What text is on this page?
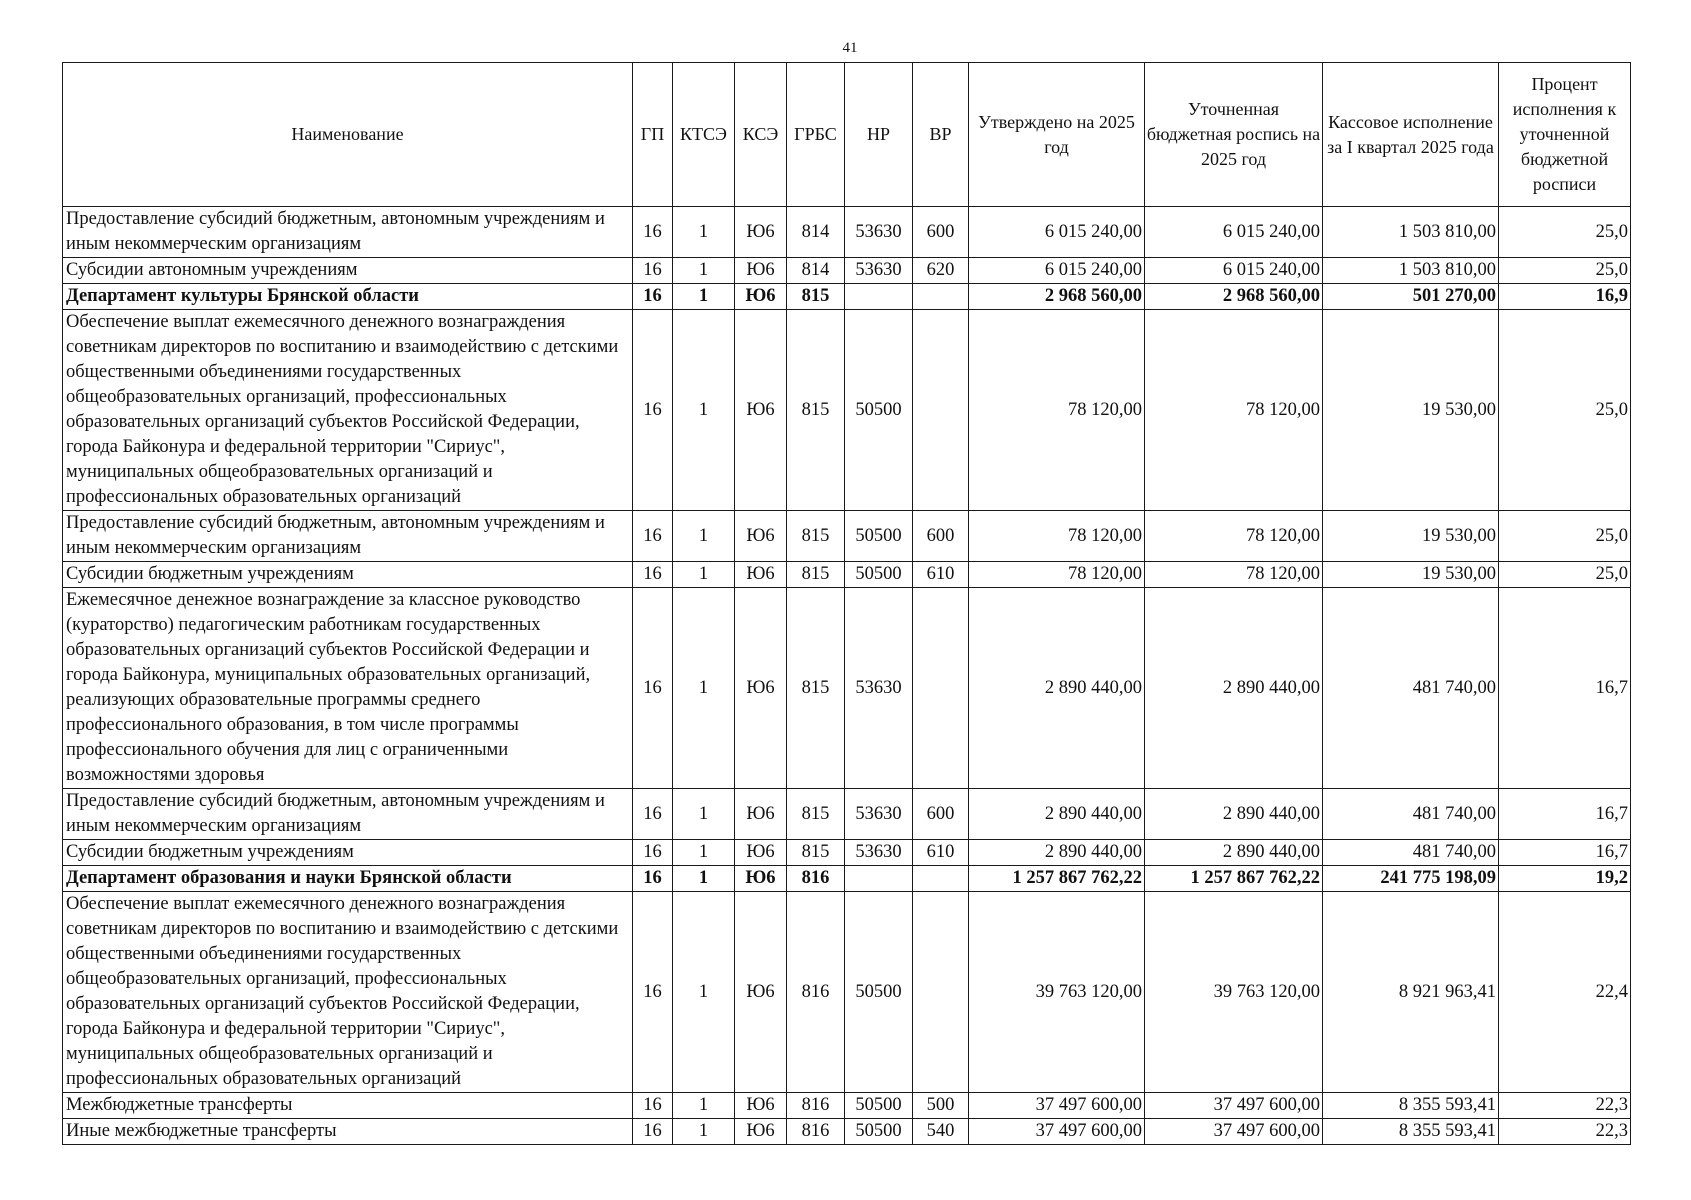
41
Наименование	ГП	КТСЭ	КСЭ	ГРБС	НР	ВР	Утверждено на 2025 год	Уточненная бюджетная роспись на 2025 год	Кассовое исполнение за I квартал 2025 года	Процент исполнения к уточненной бюджетной росписи
Предоставление субсидий бюджетным, автономным учреждениям и иным некоммерческим организациям	16	1	Ю6	814	53630	600	6 015 240,00	6 015 240,00	1 503 810,00	25,0
Субсидии автономным учреждениям	16	1	Ю6	814	53630	620	6 015 240,00	6 015 240,00	1 503 810,00	25,0
Департамент культуры Брянской области	16	1	Ю6	815			2 968 560,00	2 968 560,00	501 270,00	16,9
Обеспечение выплат ежемесячного денежного вознаграждения советникам директоров по воспитанию и взаимодействию с детскими общественными объединениями государственных общеобразовательных организаций, профессиональных образовательных организаций субъектов Российской Федерации, города Байконура и федеральной территории "Сириус", муниципальных общеобразовательных организаций и профессиональных образовательных организаций	16	1	Ю6	815	50500		78 120,00	78 120,00	19 530,00	25,0
Предоставление субсидий бюджетным, автономным учреждениям и иным некоммерческим организациям	16	1	Ю6	815	50500	600	78 120,00	78 120,00	19 530,00	25,0
Субсидии бюджетным учреждениям	16	1	Ю6	815	50500	610	78 120,00	78 120,00	19 530,00	25,0
Ежемесячное денежное вознаграждение за классное руководство (кураторство) педагогическим работникам государственных образовательных организаций субъектов Российской Федерации и города Байконура, муниципальных образовательных организаций, реализующих образовательные программы среднего профессионального образования, в том числе программы профессионального обучения для лиц с ограниченными возможностями здоровья	16	1	Ю6	815	53630		2 890 440,00	2 890 440,00	481 740,00	16,7
Предоставление субсидий бюджетным, автономным учреждениям и иным некоммерческим организациям	16	1	Ю6	815	53630	600	2 890 440,00	2 890 440,00	481 740,00	16,7
Субсидии бюджетным учреждениям	16	1	Ю6	815	53630	610	2 890 440,00	2 890 440,00	481 740,00	16,7
Департамент образования и науки Брянской области	16	1	Ю6	816			1 257 867 762,22	1 257 867 762,22	241 775 198,09	19,2
Обеспечение выплат ежемесячного денежного вознаграждения советникам директоров по воспитанию и взаимодействию с детскими общественными объединениями государственных общеобразовательных организаций, профессиональных образовательных организаций субъектов Российской Федерации, города Байконура и федеральной территории "Сириус", муниципальных общеобразовательных организаций и профессиональных образовательных организаций	16	1	Ю6	816	50500		39 763 120,00	39 763 120,00	8 921 963,41	22,4
Межбюджетные трансферты	16	1	Ю6	816	50500	500	37 497 600,00	37 497 600,00	8 355 593,41	22,3
Иные межбюджетные трансферты	16	1	Ю6	816	50500	540	37 497 600,00	37 497 600,00	8 355 593,41	22,3
